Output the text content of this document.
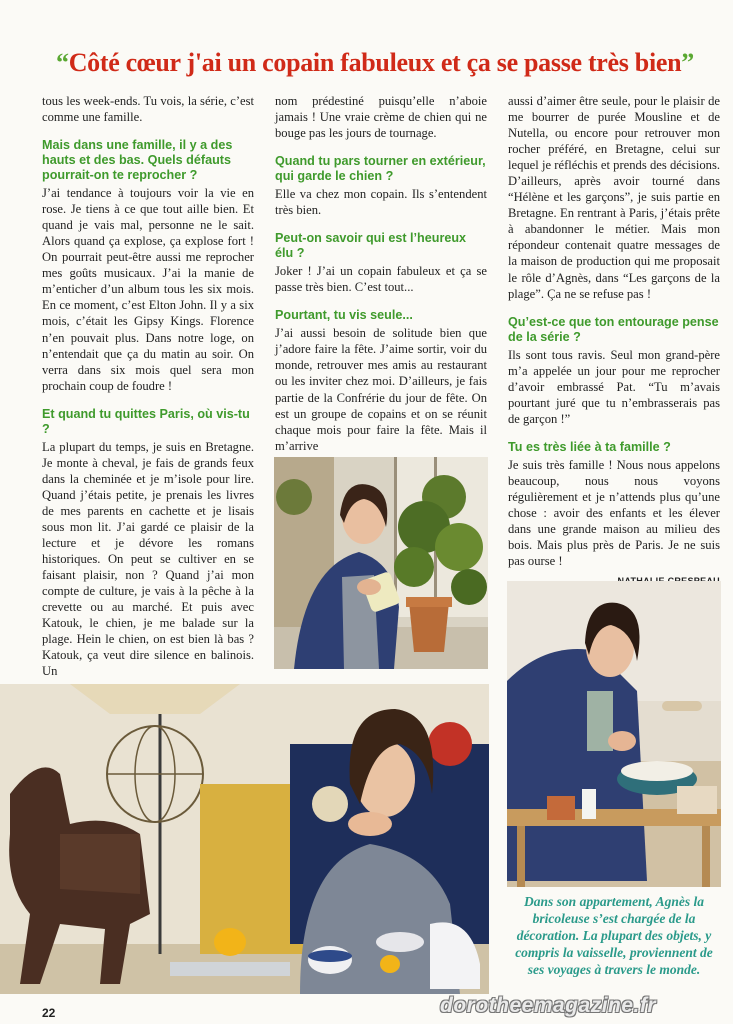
“Côté cœur j'ai un copain fabuleux et ça se passe très bien”

tous les week-ends. Tu vois, la série, c’est comme une famille.

Mais dans une famille, il y a des hauts et des bas. Quels défauts pourrait-on te reprocher ?

J’ai tendance à toujours voir la vie en rose. Je tiens à ce que tout aille bien. Et quand je vais mal, personne ne le sait. Alors quand ça explose, ça explose fort ! On pourrait peut-être aussi me reprocher mes goûts musicaux. J’ai la manie de m’enticher d’un album tous les six mois. En ce moment, c’est Elton John. Il y a six mois, c’était les Gipsy Kings. Florence n’en pouvait plus. Dans notre loge, on n’entendait que ça du matin au soir. On verra dans six mois quel sera mon prochain coup de foudre !

Et quand tu quittes Paris, où vis-tu ?

La plupart du temps, je suis en Bretagne. Je monte à cheval, je fais de grands feux dans la cheminée et je m’isole pour lire. Quand j’étais petite, je prenais les livres de mes parents en cachette et je lisais sous mon lit. J’ai gardé ce plaisir de la lecture et je dévore les romans historiques. On peut se cultiver en se faisant plaisir, non ? Quand j’ai mon compte de culture, je vais à la pêche à la crevette ou au marché. Et puis avec Katouk, le chien, je me balade sur la plage. Hein le chien, on est bien là bas ? Katouk, ça veut dire silence en balinois. Un

nom prédestiné puisqu’elle n’aboie jamais ! Une vraie crème de chien qui ne bouge pas les jours de tournage.

Quand tu pars tourner en extérieur, qui garde le chien ?

Elle va chez mon copain. Ils s’entendent très bien.

Peut-on savoir qui est l’heureux élu ?

Joker ! J’ai un copain fabuleux et ça se passe très bien. C’est tout...

Pourtant, tu vis seule...

J’ai aussi besoin de solitude bien que j’adore faire la fête. J’aime sortir, voir du monde, retrouver mes amis au restaurant ou les inviter chez moi. D’ailleurs, je fais partie de la Confrérie du jour de fête. On est un groupe de copains et on se réunit chaque mois pour faire la fête. Mais il m’arrive

aussi d’aimer être seule, pour le plaisir de me bourrer de purée Mousline et de Nutella, ou encore pour retrouver mon rocher préféré, en Bretagne, celui sur lequel je réfléchis et prends des décisions. D’ailleurs, après avoir tourné dans “Hélène et les garçons”, je suis partie en Bretagne. En rentrant à Paris, j’étais prête à abandonner le métier. Mais mon répondeur contenait quatre messages de la maison de production qui me proposait le rôle d’Agnès, dans “Les garçons de la plage”. Ça ne se refuse pas !

Qu’est-ce que ton entourage pense de la série ?

Ils sont tous ravis. Seul mon grand-père m’a appelée un jour pour me reprocher d’avoir embrassé Pat. “Tu m’avais pourtant juré que tu n’embrasserais pas de garçon !”

Tu es très liée à ta famille ?

Je suis très famille ! Nous nous appelons beaucoup, nous nous voyons régulièrement et je n’attends plus qu’une chose : avoir des enfants et les élever dans une grande maison au milieu des bois. Mais plus près de Paris. Je ne suis pas ourse !

Dans son appartement, Agnès la bricoleuse s’est chargée de la décoration. La plupart des objets, y compris la vaisselle, proviennent de ses voyages à travers le monde.
22	dorotheemagazine.fr
